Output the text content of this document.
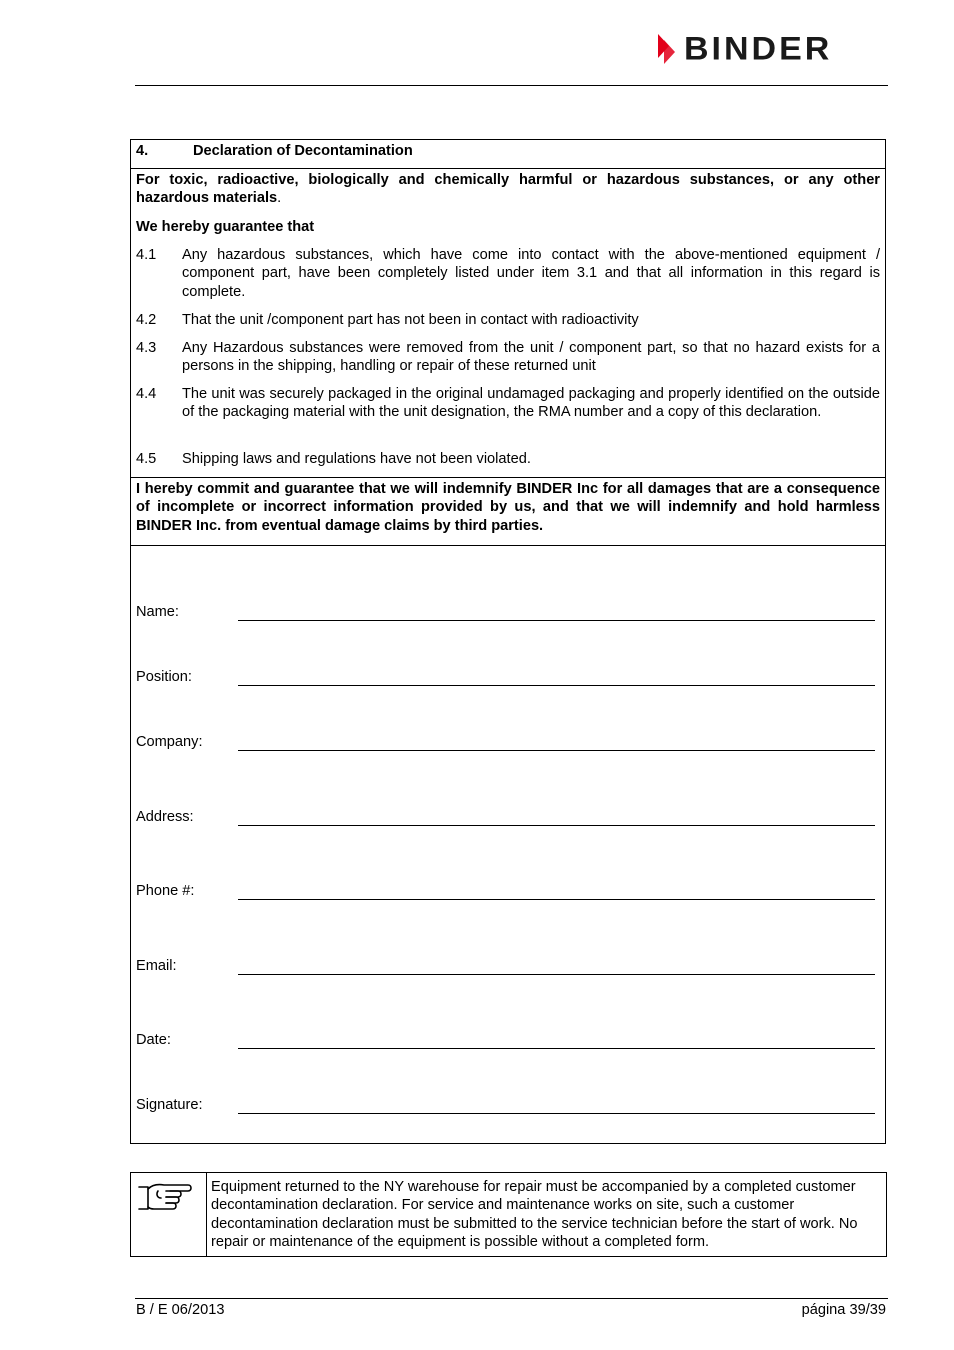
BINDER
4.	Declaration of Decontamination
For toxic, radioactive, biologically and chemically harmful or hazardous substances, or any other hazardous materials.
We hereby guarantee that
4.1 Any hazardous substances, which have come into contact with the above-mentioned equipment / component part, have been completely listed under item 3.1 and that all information in this regard is complete.
4.2 That the unit /component part has not been in contact with radioactivity
4.3 Any Hazardous substances were removed from the unit / component part, so that no hazard exists for a persons in the shipping, handling or repair of these returned unit
4.4 The unit was securely packaged in the original undamaged packaging and properly identified on the outside of the packaging material with the unit designation, the RMA number and a copy of this declaration.
4.5 Shipping laws and regulations have not been violated.
I hereby commit and guarantee that we will indemnify BINDER Inc for all damages that are a consequence of incomplete or incorrect information provided by us, and that we will indemnify and hold harmless BINDER Inc. from eventual damage claims by third parties.
Name:
Position:
Company:
Address:
Phone #:
Email:
Date:
Signature:
Equipment returned to the NY warehouse for repair must be accompanied by a completed customer decontamination declaration. For service and maintenance works on site, such a customer decontamination declaration must be submitted to the service technician before the start of work. No repair or maintenance of the equipment is possible without a completed form.
B / E 06/2013	página 39/39
